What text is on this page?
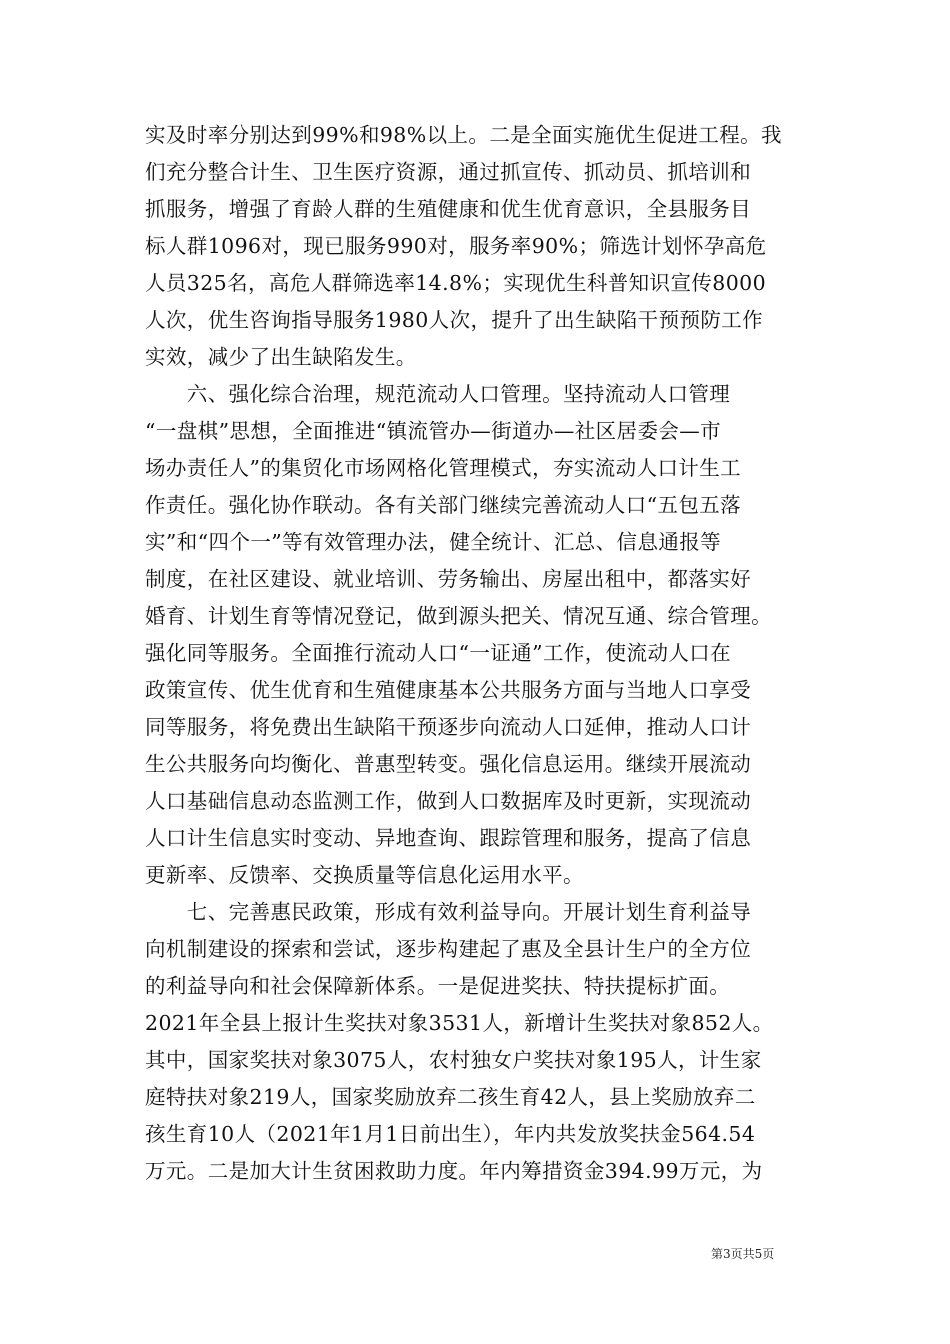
实及时率分别达到99%和98%以上。二是全面实施优生促进工程。我
们充分整合计生、卫生医疗资源，通过抓宣传、抓动员、抓培训和
抓服务，增强了育龄人群的生殖健康和优生优育意识，全县服务目
标人群1096对，现已服务990对，服务率90%；筛选计划怀孕高危
人员325名，高危人群筛选率14.8%；实现优生科普知识宣传8000
人次，优生咨询指导服务1980人次，提升了出生缺陷干预预防工作
实效，减少了出生缺陷发生。
　　六、强化综合治理，规范流动人口管理。坚持流动人口管理
“一盘棋”思想，全面推进“镇流管办—街道办—社区居委会—市
场办责任人”的集贸化市场网格化管理模式，夯实流动人口计生工
作责任。强化协作联动。各有关部门继续完善流动人口“五包五落
实”和“四个一”等有效管理办法，健全统计、汇总、信息通报等
制度，在社区建设、就业培训、劳务输出、房屋出租中，都落实好
婚育、计划生育等情况登记，做到源头把关、情况互通、综合管理。
强化同等服务。全面推行流动人口“一证通”工作，使流动人口在
政策宣传、优生优育和生殖健康基本公共服务方面与当地人口享受
同等服务，将免费出生缺陷干预逐步向流动人口延伸，推动人口计
生公共服务向均衡化、普惠型转变。强化信息运用。继续开展流动
人口基础信息动态监测工作，做到人口数据库及时更新，实现流动
人口计生信息实时变动、异地查询、跟踪管理和服务，提高了信息
更新率、反馈率、交换质量等信息化运用水平。
　　七、完善惠民政策，形成有效利益导向。开展计划生育利益导
向机制建设的探索和尝试，逐步构建起了惠及全县计生户的全方位
的利益导向和社会保障新体系。一是促进奖扶、特扶提标扩面。
2021年全县上报计生奖扶对象3531人，新增计生奖扶对象852人。
其中，国家奖扶对象3075人，农村独女户奖扶对象195人，计生家
庭特扶对象219人，国家奖励放弃二孩生育42人，县上奖励放弃二
孩生育10人（2021年1月1日前出生），年内共发放奖扶金564.54
万元。二是加大计生贫困救助力度。年内筹措资金394.99万元，为
第3页共5页
